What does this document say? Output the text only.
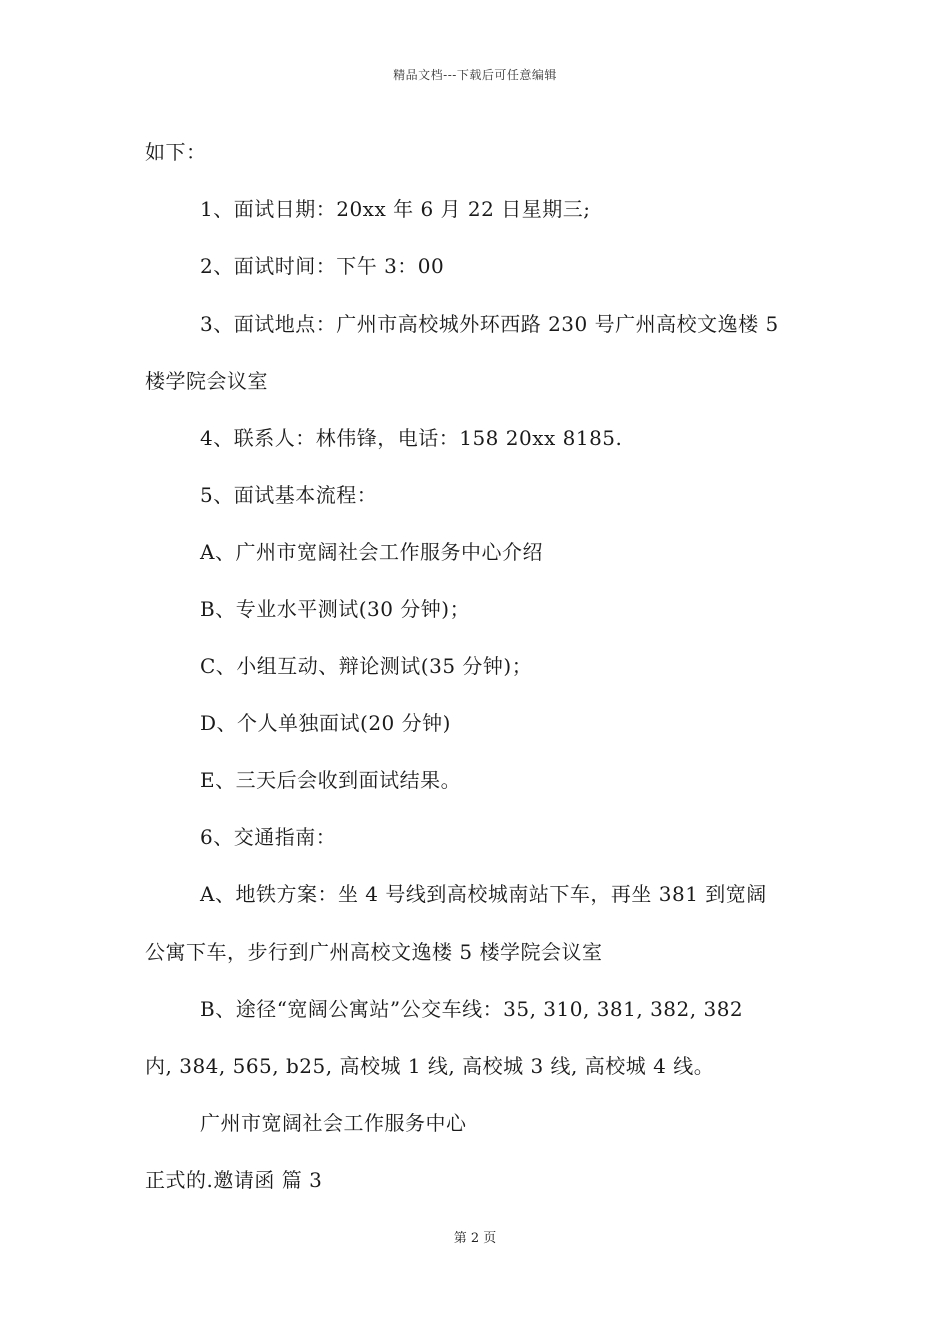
精品文档---下载后可任意编辑
如下：
1、面试日期：20xx 年 6 月 22 日星期三;
2、面试时间：下午 3：00
3、面试地点：广州市高校城外环西路 230 号广州高校文逸楼 5
楼学院会议室
4、联系人：林伟锋，电话：158 20xx 8185.
5、面试基本流程：
A、广州市宽阔社会工作服务中心介绍
B、专业水平测试(30 分钟)；
C、小组互动、辩论测试(35 分钟)；
D、个人单独面试(20 分钟)
E、三天后会收到面试结果。
6、交通指南：
A、地铁方案：坐 4 号线到高校城南站下车，再坐 381 到宽阔
公寓下车，步行到广州高校文逸楼 5 楼学院会议室
B、途径“宽阔公寓站”公交车线：35, 310, 381, 382, 382
内, 384, 565, b25, 高校城 1 线, 高校城 3 线, 高校城 4 线。
广州市宽阔社会工作服务中心
正式的.邀请函 篇 3
第 2 页
